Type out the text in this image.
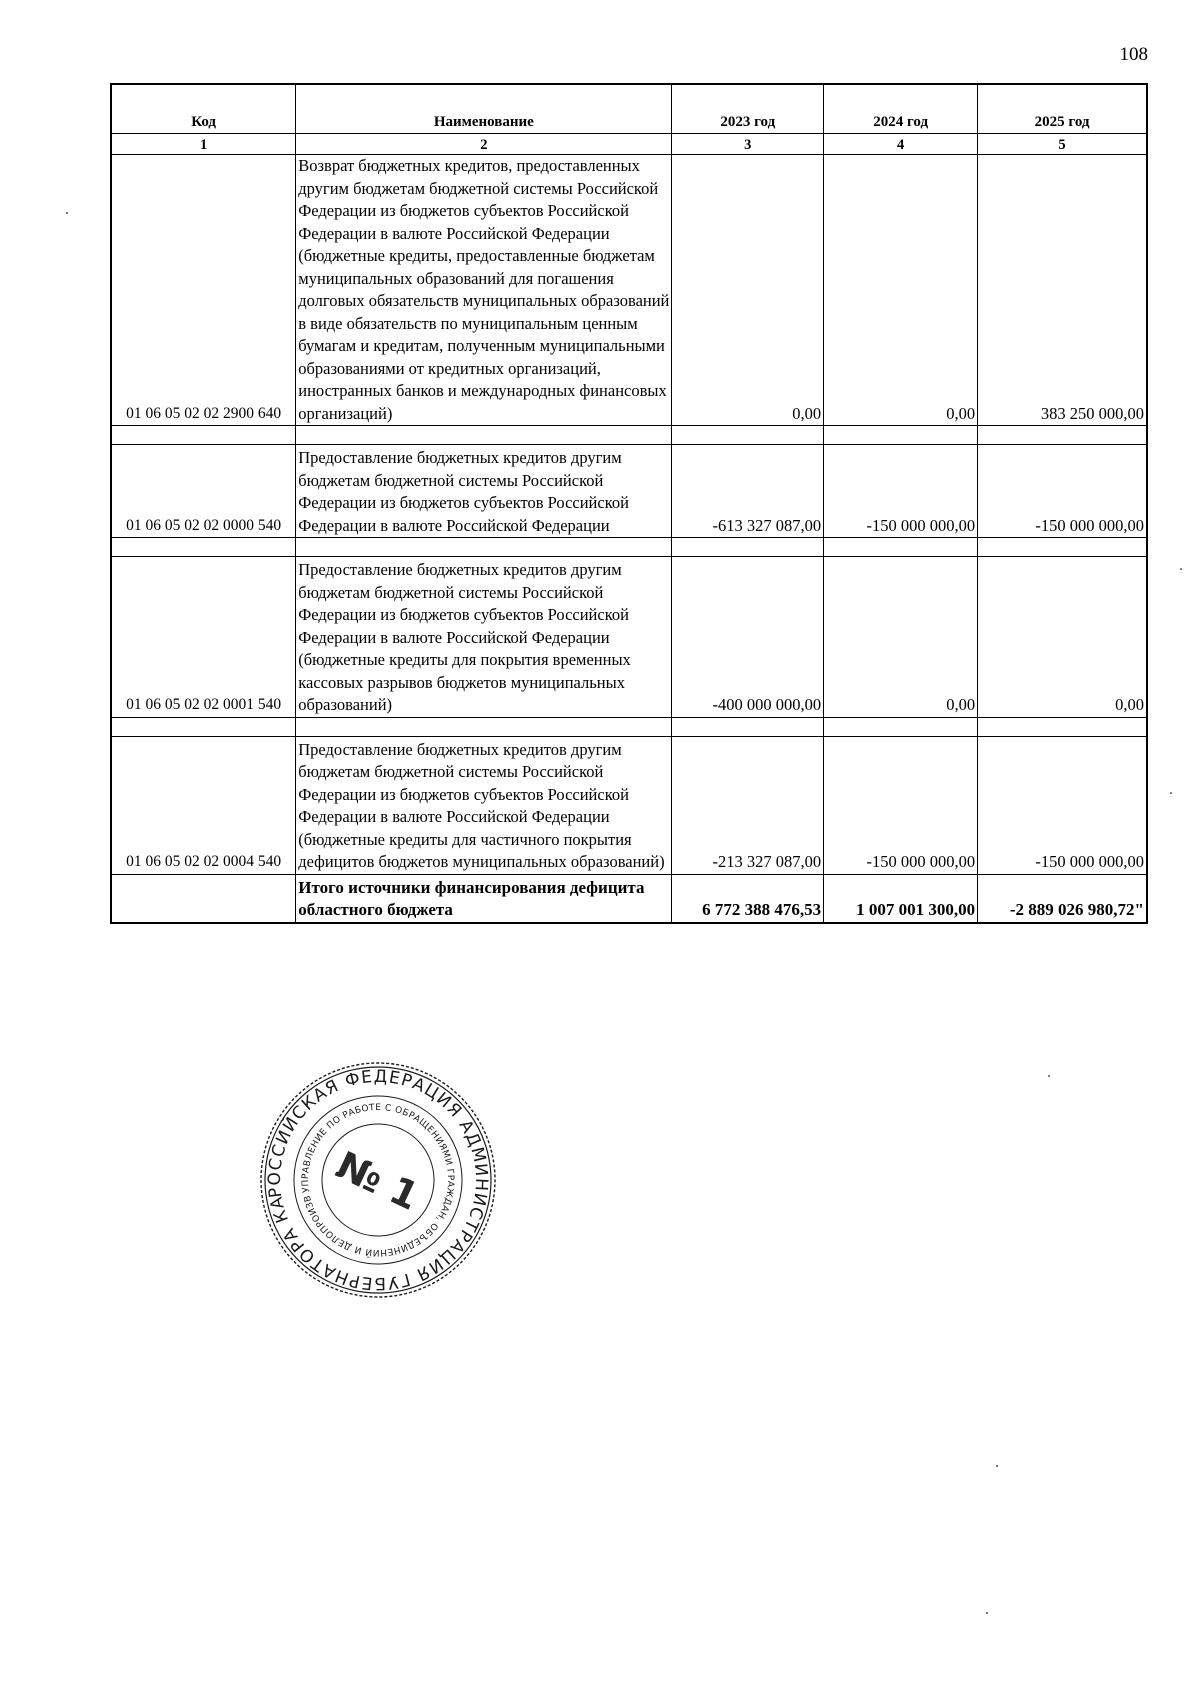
108
Код	Наименование	2023 год	2024 год	2025 год
1	2	3	4	5
01 06 05 02 02 2900 640	Возврат бюджетных кредитов, предоставленных другим бюджетам бюджетной системы Российской Федерации из бюджетов субъектов Российской Федерации в валюте Российской Федерации (бюджетные кредиты, предоставленные бюджетам муниципальных образований для погашения долговых обязательств муниципальных образований в виде обязательств по муниципальным ценным бумагам и кредитам, полученным муниципальными образованиями от кредитных организаций, иностранных банков и международных финансовых организаций)	0,00	0,00	383 250 000,00

01 06 05 02 02 0000 540	Предоставление бюджетных кредитов другим бюджетам бюджетной системы Российской Федерации из бюджетов субъектов Российской Федерации в валюте Российской Федерации	-613 327 087,00	-150 000 000,00	-150 000 000,00

01 06 05 02 02 0001 540	Предоставление бюджетных кредитов другим бюджетам бюджетной системы Российской Федерации из бюджетов субъектов Российской Федерации в валюте Российской Федерации (бюджетные кредиты для покрытия временных кассовых разрывов бюджетов муниципальных образований)	-400 000 000,00	0,00	0,00

01 06 05 02 02 0004 540	Предоставление бюджетных кредитов другим бюджетам бюджетной системы Российской Федерации из бюджетов субъектов Российской Федерации в валюте Российской Федерации (бюджетные кредиты для частичного покрытия дефицитов бюджетов муниципальных образований)	-213 327 087,00	-150 000 000,00	-150 000 000,00
	Итого источники финансирования дефицита областного бюджета	6 772 388 476,53	1 007 001 300,00	-2 889 026 980,72"
РОССИЙСКАЯ ФЕДЕРАЦИЯ АДМИНИСТРАЦИЯ ГУБЕРНАТОРА КАЛУЖСКОЙ
УПРАВЛЕНИЕ ПО РАБОТЕ С ОБРАЩЕНИЯМИ ГРАЖДАН, ОБЪЕДИНЕНИЙ И ДЕЛОПРОИЗВОДСТВА
№ 1
